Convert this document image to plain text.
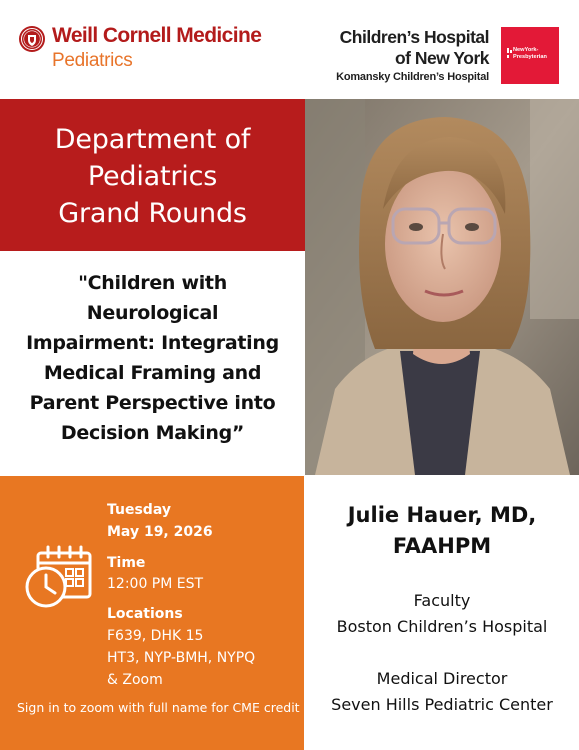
Weill Cornell Medicine
Pediatrics
Children’s Hospital
of New York
Komansky Children’s Hospital
NewYork-
Presbyterian
Department of
Pediatrics
Grand Rounds
"Children with
Neurological
Impairment: Integrating
Medical Framing and
Parent Perspective into
Decision Making”
Tuesday
May 19, 2026
Time
12:00 PM EST
Locations
F639, DHK 15
HT3, NYP-BMH, NYPQ
& Zoom
Sign in to zoom with full name for CME credit
Julie Hauer, MD,
FAAHPM
Faculty
Boston Children’s Hospital
Medical Director
Seven Hills Pediatric Center
